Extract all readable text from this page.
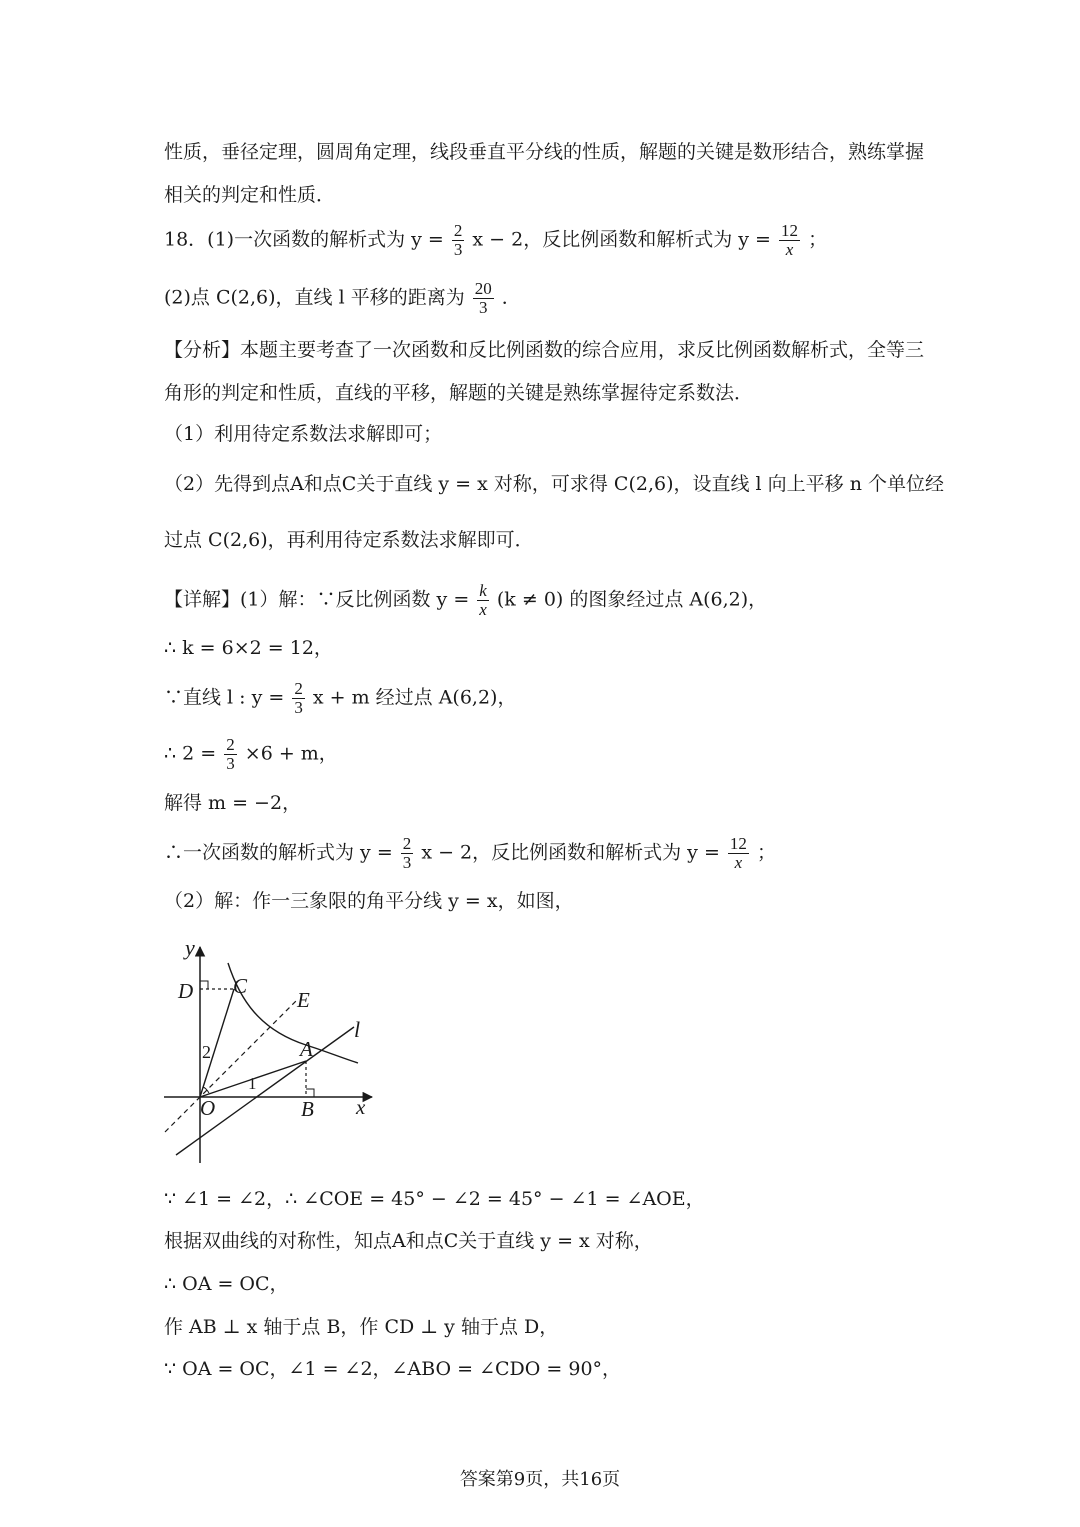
性质，垂径定理，圆周角定理，线段垂直平分线的性质，解题的关键是数形结合，熟练掌握
相关的判定和性质．
18．(1)一次函数的解析式为 $y = \frac{2}{3}$ x − 2，反比例函数和解析式为 $y = \frac{12}{x}$ ；
(2)点 C(2,6)，直线 l 平移的距离为 $\frac{20}{3}$ ．
【分析】本题主要考查了一次函数和反比例函数的综合应用，求反比例函数解析式，全等三
角形的判定和性质，直线的平移，解题的关键是熟练掌握待定系数法．
（1）利用待定系数法求解即可；
（2）先得到点A和点C关于直线 y = x 对称，可求得 C(2,6)，设直线 l 向上平移 n 个单位经
过点 C(2,6)，再利用待定系数法求解即可．
【详解】(1）解：∵反比例函数 $y = \frac{k}{x} (k \ne 0)$ 的图象经过点 A(6,2)，
∴ k = 6×2 = 12，
∵直线 l : $y = \frac{2}{3}$ x + m 经过点 A(6,2)，
∴ $2 = \frac{2}{3} \times 6 + m$，
解得 m = −2，
∴一次函数的解析式为 $y = \frac{2}{3}$ x − 2，反比例函数和解析式为 $y = \frac{12}{x}$ ；
（2）解：作一三象限的角平分线 y = x，如图，
y
D C
E
l
A
2
1
O	B x
∵ ∠1 = ∠2，∴ ∠COE = 45° − ∠2 = 45° − ∠1 = ∠AOE，
根据双曲线的对称性，知点A和点C关于直线 y = x 对称，
∴ OA = OC，
作 AB ⊥ x 轴于点 B，作 CD ⊥ y 轴于点 D，
∵ OA = OC，∠1 = ∠2，∠ABO = ∠CDO = 90°，
答案第9页，共16页
